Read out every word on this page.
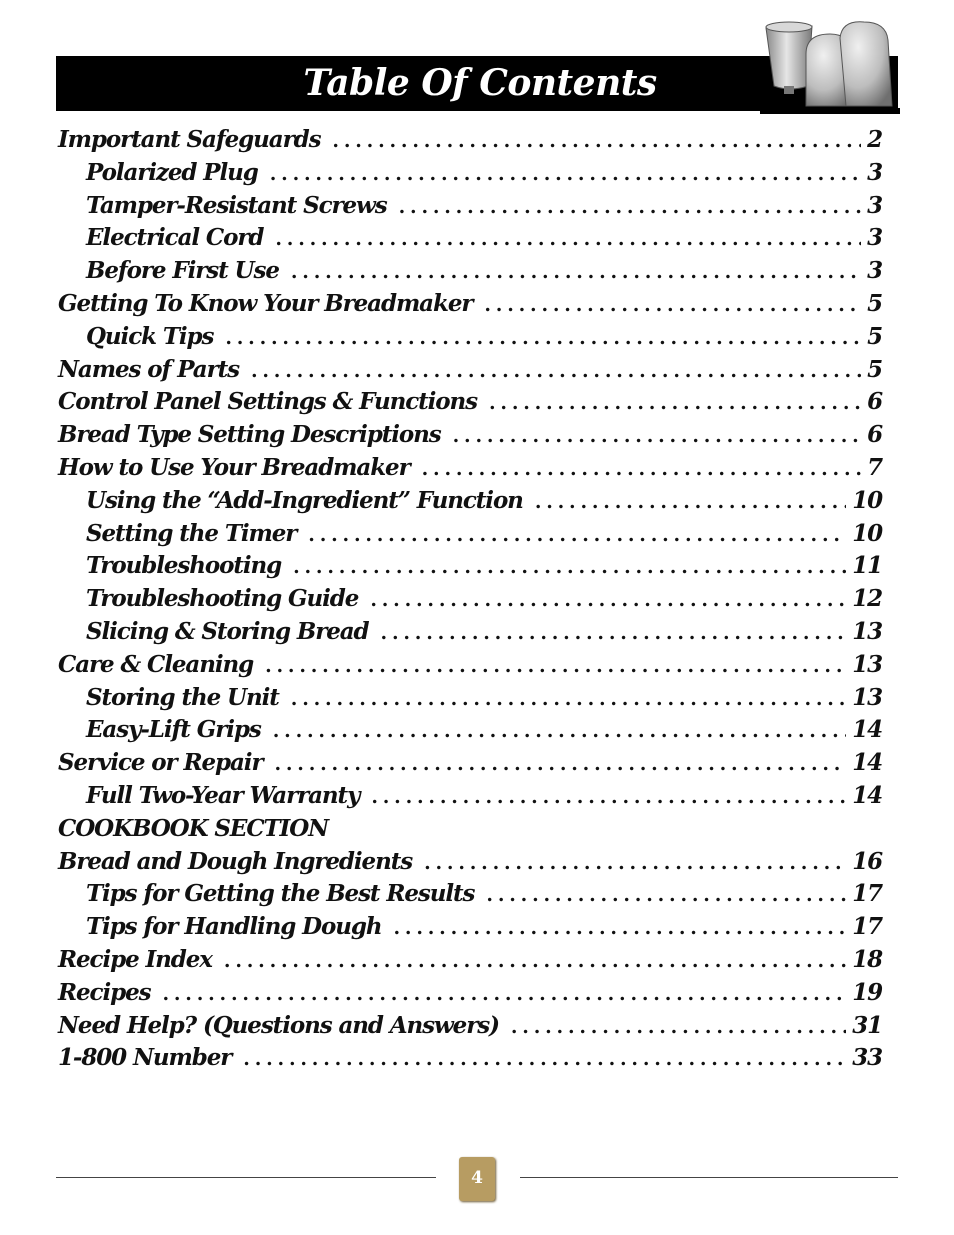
Table Of Contents
Important Safeguards .....	2
Polarized Plug .....	3
Tamper-Resistant Screws .....	3
Electrical Cord .....	3
Before First Use .....	3
Getting To Know Your Breadmaker .....	5
Quick Tips .....	5
Names of Parts .....	5
Control Panel Settings & Functions .....	6
Bread Type Setting Descriptions .....	6
How to Use Your Breadmaker .....	7
Using the “Add-Ingredient” Function .....	10
Setting the Timer .....	10
Troubleshooting .....	11
Troubleshooting Guide .....	12
Slicing & Storing Bread .....	13
Care & Cleaning .....	13
Storing the Unit .....	13
Easy-Lift Grips .....	14
Service or Repair .....	14
Full Two-Year Warranty .....	14
COOKBOOK SECTION
Bread and Dough Ingredients .....	16
Tips for Getting the Best Results .....	17
Tips for Handling Dough .....	17
Recipe Index .....	18
Recipes .....	19
Need Help? (Questions and Answers) .....	31
1-800 Number .....	33
4
